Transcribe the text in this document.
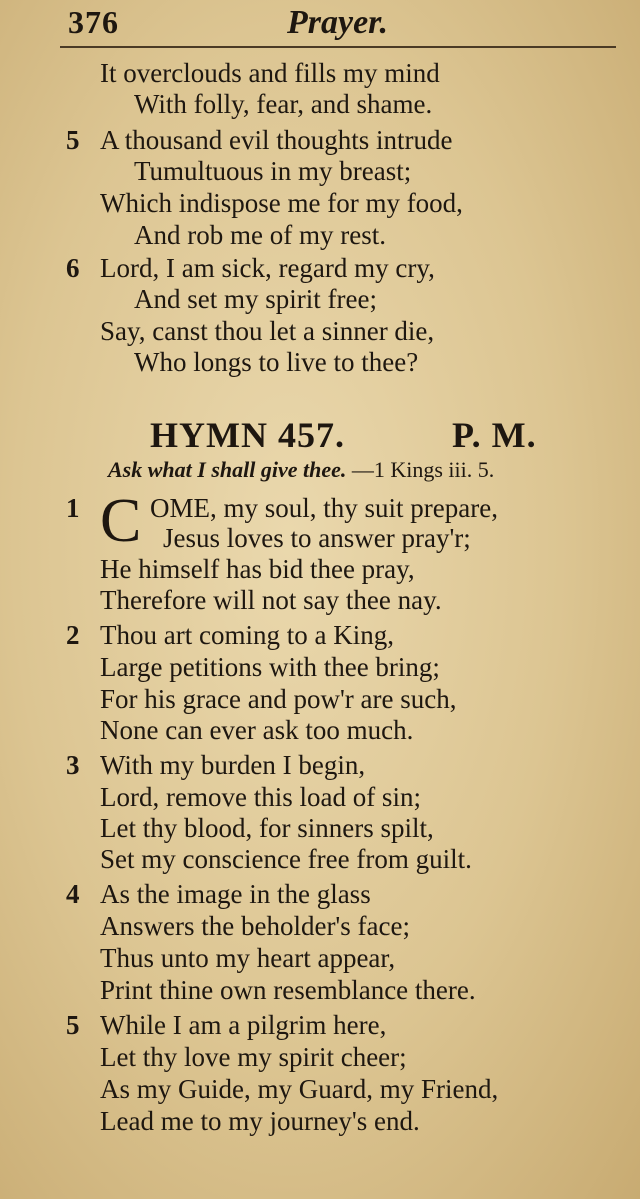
376	Prayer.
It overclouds and fills my mind
With folly, fear, and shame.
5 A thousand evil thoughts intrude
Tumultuous in my breast;
Which indispose me for my food,
And rob me of my rest.
6 Lord, I am sick, regard my cry,
And set my spirit free;
Say, canst thou let a sinner die,
Who longs to live to thee?
HYMN 457.	P. M.
Ask what I shall give thee. —1 Kings iii. 5.
1 C OME, my soul, thy suit prepare,
Jesus loves to answer pray'r;
He himself has bid thee pray,
Therefore will not say thee nay.
2 Thou art coming to a King,
Large petitions with thee bring;
For his grace and pow'r are such,
None can ever ask too much.
3 With my burden I begin,
Lord, remove this load of sin;
Let thy blood, for sinners spilt,
Set my conscience free from guilt.
4 As the image in the glass
Answers the beholder's face;
Thus unto my heart appear,
Print thine own resemblance there.
5 While I am a pilgrim here,
Let thy love my spirit cheer;
As my Guide, my Guard, my Friend,
Lead me to my journey's end.
